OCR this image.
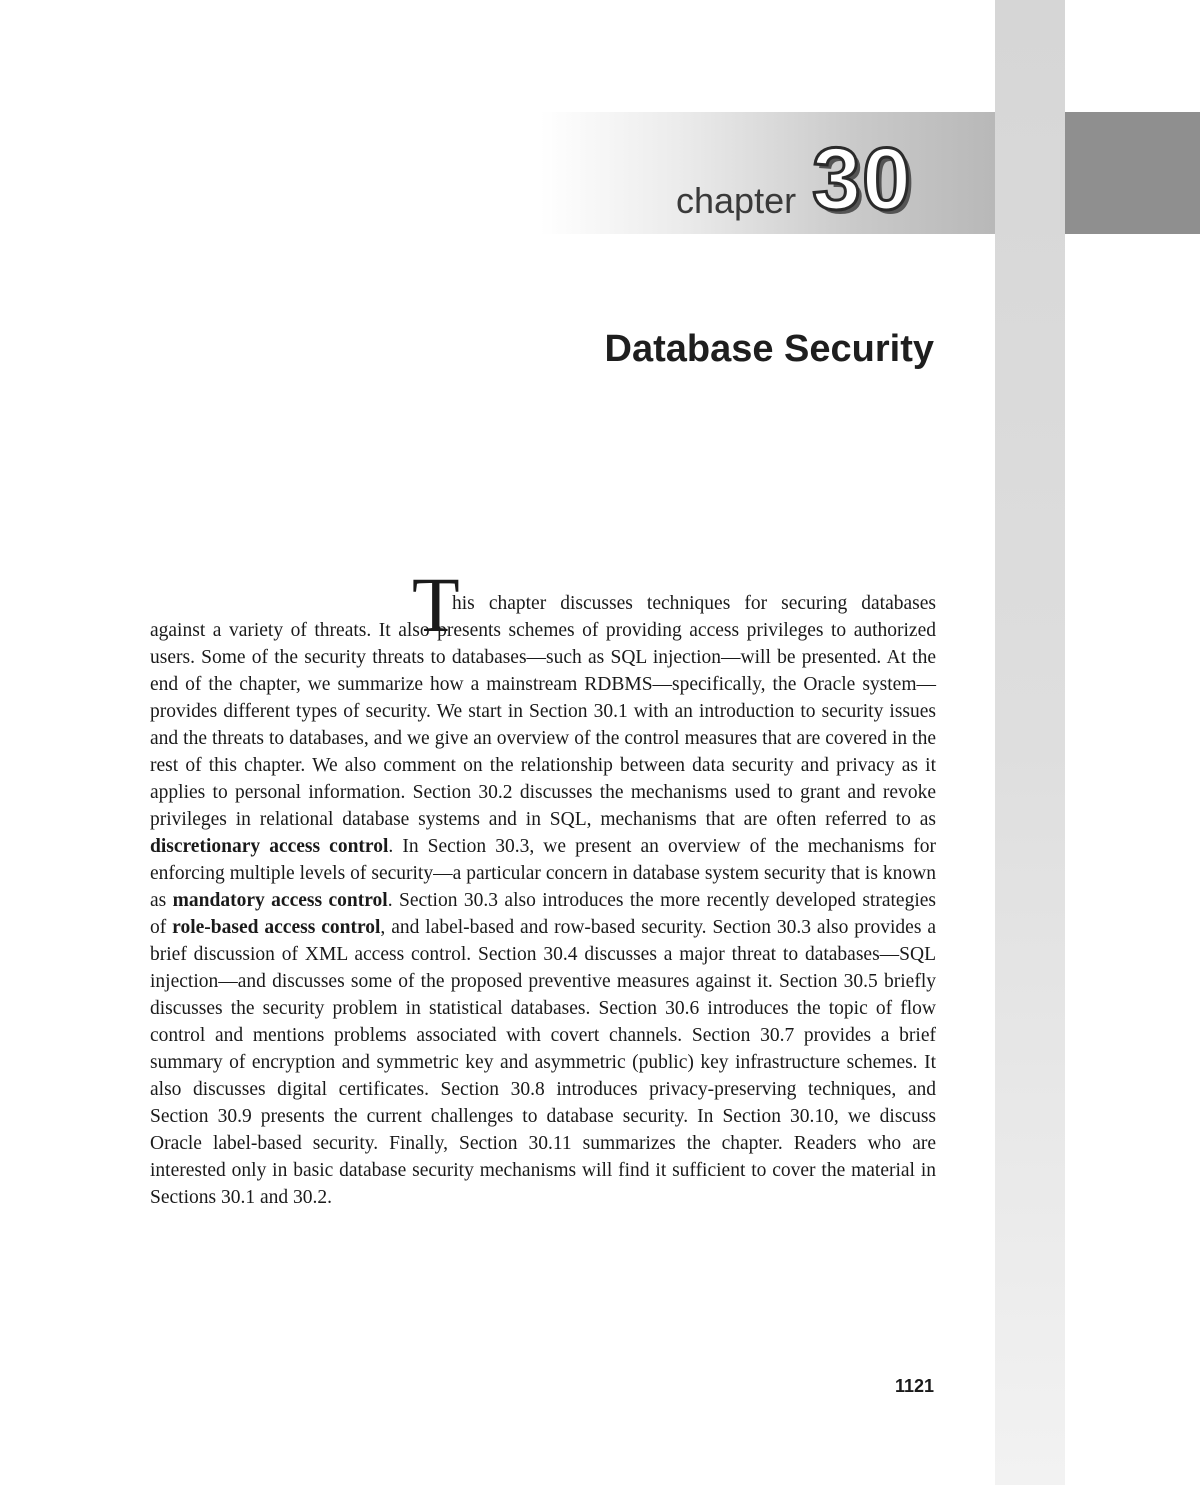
chapter 30
Database Security
T

his chapter discusses techniques for securing databases against a variety of threats. It also presents schemes of providing access privileges to authorized users. Some of the security threats to databases—such as SQL injection—will be presented. At the end of the chapter, we summarize how a mainstream RDBMS—specifically, the Oracle system—provides different types of security. We start in Section 30.1 with an introduction to security issues and the threats to databases, and we give an overview of the control measures that are covered in the rest of this chapter. We also comment on the relationship between data security and privacy as it applies to personal information. Section 30.2 discusses the mechanisms used to grant and revoke privileges in relational database systems and in SQL, mechanisms that are often referred to as discretionary access control. In Section 30.3, we present an overview of the mechanisms for enforcing multiple levels of security—a particular concern in database system security that is known as mandatory access control. Section 30.3 also introduces the more recently developed strategies of role-based access control, and label-based and row-based security. Section 30.3 also provides a brief discussion of XML access control. Section 30.4 discusses a major threat to databases—SQL injection—and discusses some of the proposed preventive measures against it. Section 30.5 briefly discusses the security problem in statistical databases. Section 30.6 introduces the topic of flow control and mentions problems associated with covert channels. Section 30.7 provides a brief summary of encryption and symmetric key and asymmetric (public) key infrastructure schemes. It also discusses digital certificates. Section 30.8 introduces privacy-preserving techniques, and Section 30.9 presents the current challenges to database security. In Section 30.10, we discuss Oracle label-based security. Finally, Section 30.11 summarizes the chapter. Readers who are interested only in basic database security mechanisms will find it sufficient to cover the material in Sections 30.1 and 30.2.

1121
